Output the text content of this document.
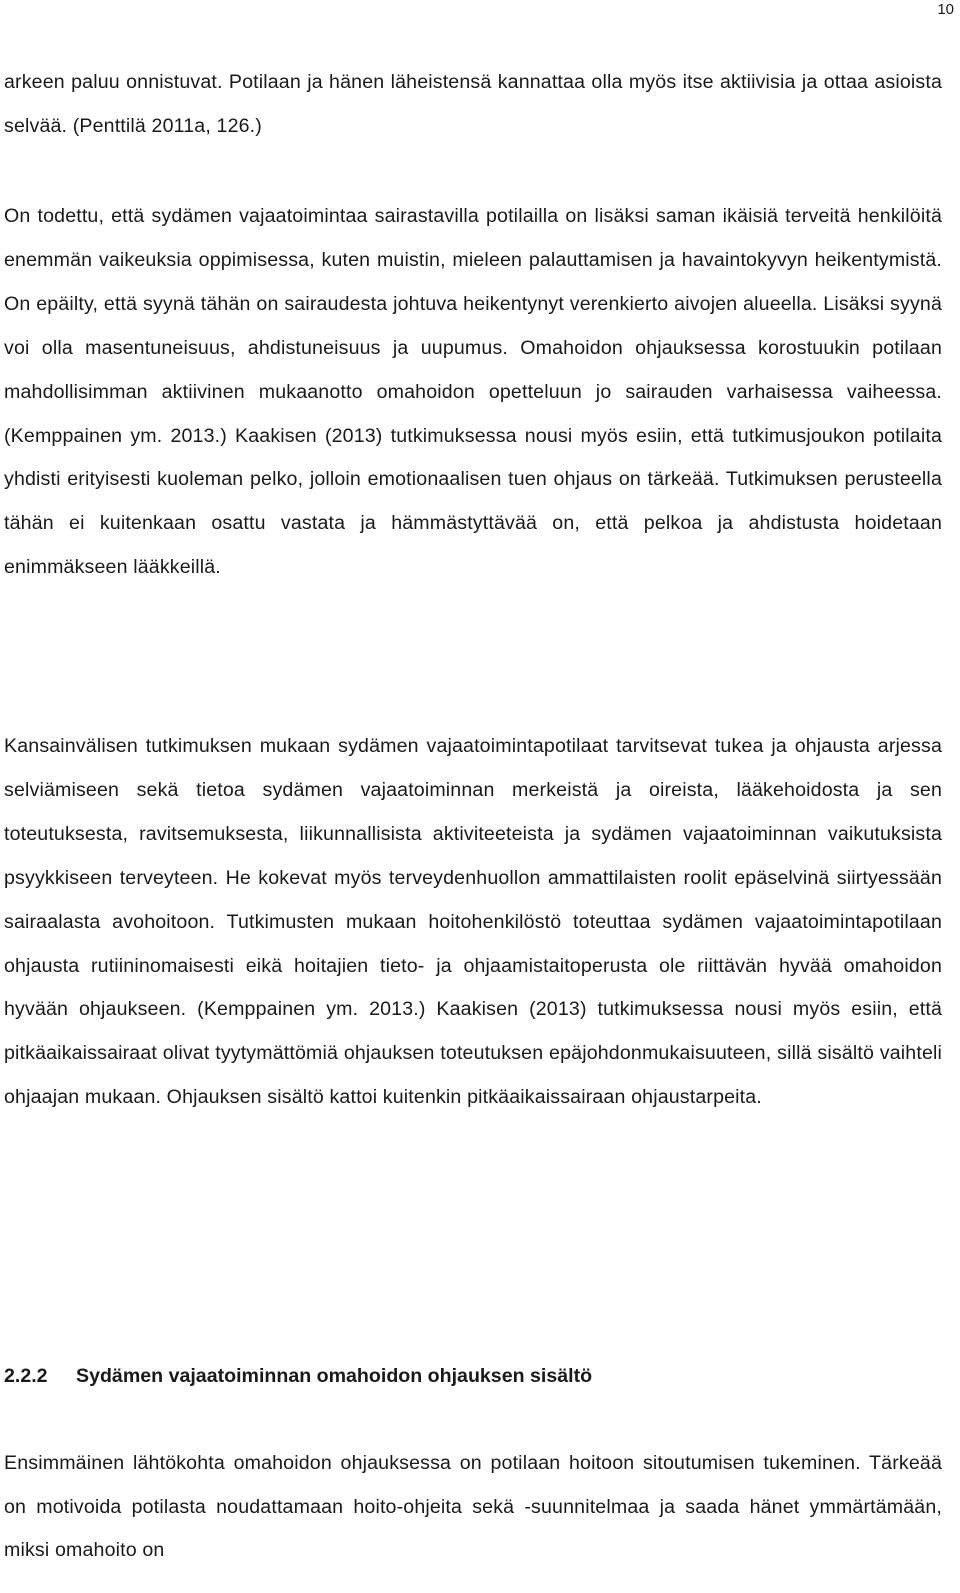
10

arkeen paluu onnistuvat. Potilaan ja hänen läheistensä kannattaa olla myös itse aktiivisia ja ottaa asioista selvää. (Penttilä 2011a, 126.)

On todettu, että sydämen vajaatoimintaa sairastavilla potilailla on lisäksi saman ikäisiä terveitä henkilöitä enemmän vaikeuksia oppimisessa, kuten muistin, mieleen palauttamisen ja havaintokyvyn heikentymistä. On epäilty, että syynä tähän on sairaudesta johtuva heikentynyt verenkierto aivojen alueella. Lisäksi syynä voi olla masentuneisuus, ahdistuneisuus ja uupumus. Omahoidon ohjauksessa korostuukin potilaan mahdollisimman aktiivinen mukaanotto omahoidon opetteluun jo sairauden varhaisessa vaiheessa. (Kemppainen ym. 2013.) Kaakisen (2013) tutkimuksessa nousi myös esiin, että tutkimusjoukon potilaita yhdisti erityisesti kuoleman pelko, jolloin emotionaalisen tuen ohjaus on tärkeää. Tutkimuksen perusteella tähän ei kuitenkaan osattu vastata ja hämmästyttävää on, että pelkoa ja ahdistusta hoidetaan enimmäkseen lääkkeillä.

Kansainvälisen tutkimuksen mukaan sydämen vajaatoimintapotilaat tarvitsevat tukea ja ohjausta arjessa selviämiseen sekä tietoa sydämen vajaatoiminnan merkeistä ja oireista, lääkehoidosta ja sen toteutuksesta, ravitsemuksesta, liikunnallisista aktiviteeteista ja sydämen vajaatoiminnan vaikutuksista psyykkiseen terveyteen. He kokevat myös terveydenhuollon ammattilaisten roolit epäselvinä siirtyessään sairaalasta avohoitoon. Tutkimusten mukaan hoitohenkilöstö toteuttaa sydämen vajaatoimintapotilaan ohjausta rutiininomaisesti eikä hoitajien tieto- ja ohjaamistaitoperusta ole riittävän hyvää omahoidon hyvään ohjaukseen. (Kemppainen ym. 2013.) Kaakisen (2013) tutkimuksessa nousi myös esiin, että pitkäaikaissairaat olivat tyytymättömiä ohjauksen toteutuksen epäjohdonmukaisuuteen, sillä sisältö vaihteli ohjaajan mukaan. Ohjauksen sisältö kattoi kuitenkin pitkäaikaissairaan ohjaustarpeita.

2.2.2 Sydämen vajaatoiminnan omahoidon ohjauksen sisältö

Ensimmäinen lähtökohta omahoidon ohjauksessa on potilaan hoitoon sitoutumisen tukeminen. Tärkeää on motivoida potilasta noudattamaan hoito-ohjeita sekä -suunnitelmaa ja saada hänet ymmärtämään, miksi omahoito on
